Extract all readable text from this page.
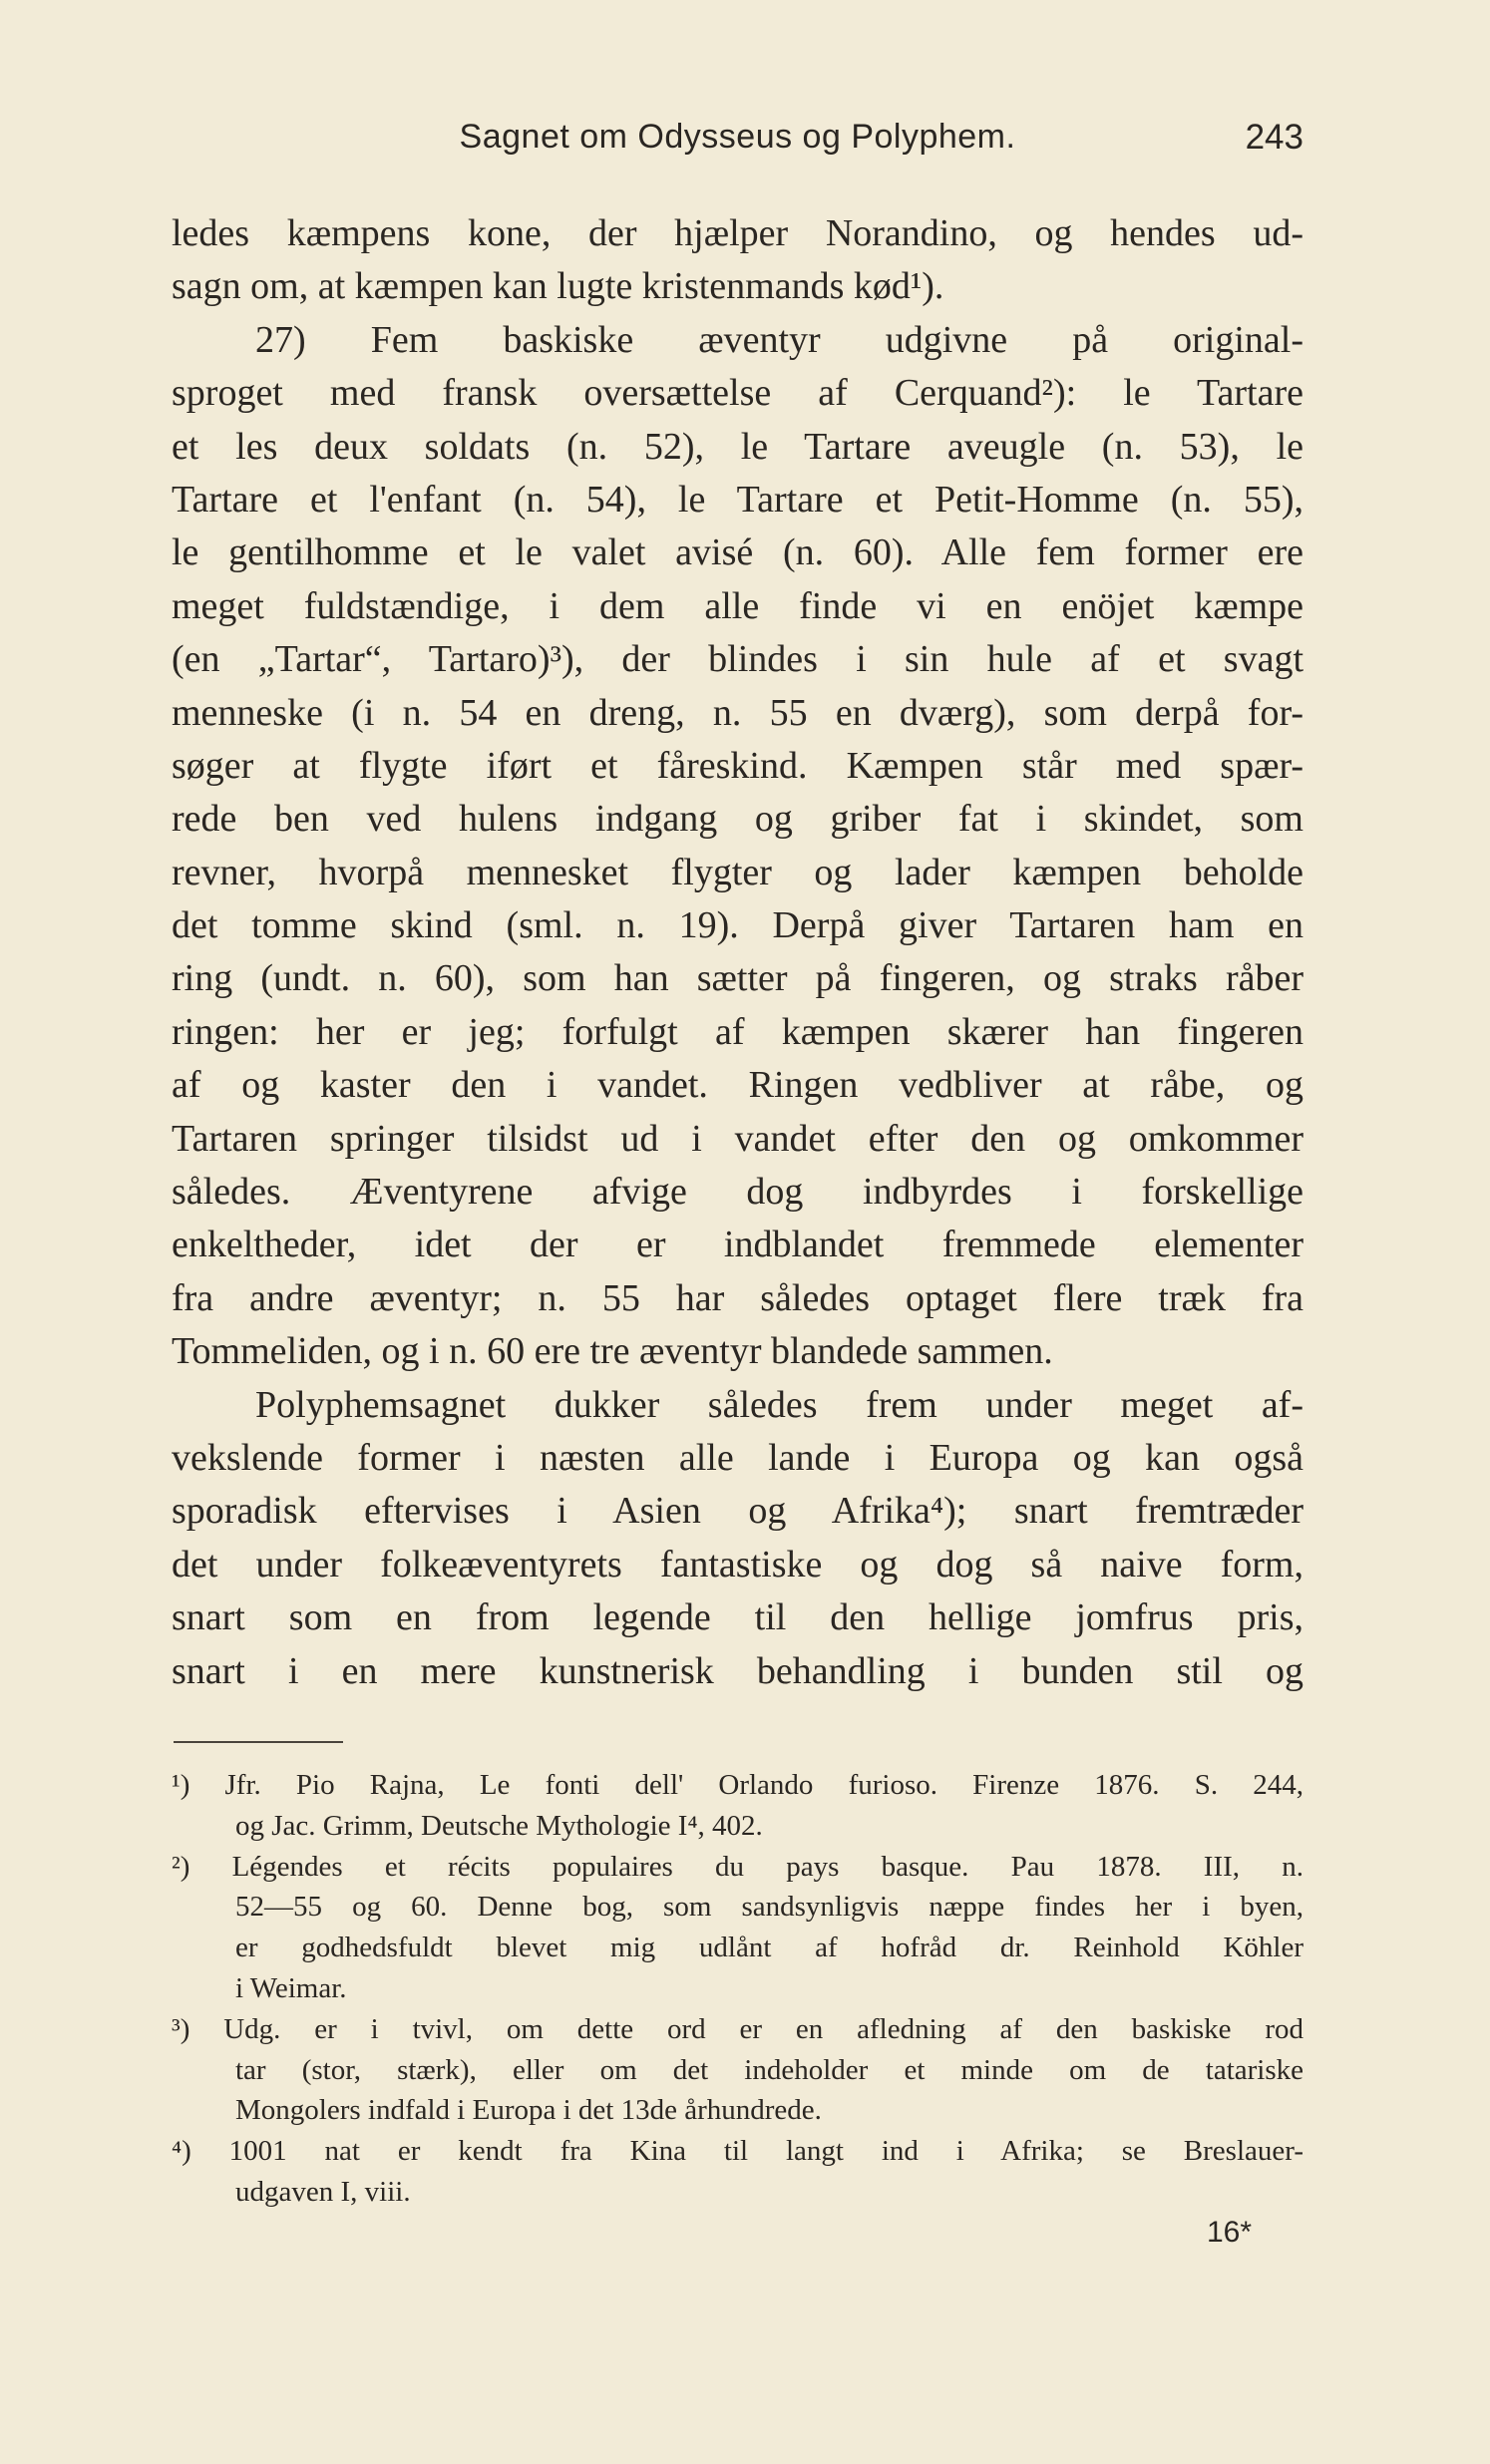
Sagnet om Odysseus og Polyphem.	243
ledes kæmpens kone, der hjælper Norandino, og hendes ud-
sagn om, at kæmpen kan lugte kristenmands kød¹).
27) Fem baskiske æventyr udgivne på original-
sproget med fransk oversættelse af Cerquand²): le Tartare
et les deux soldats (n. 52), le Tartare aveugle (n. 53), le
Tartare et l'enfant (n. 54), le Tartare et Petit-Homme (n. 55),
le gentilhomme et le valet avisé (n. 60). Alle fem former ere
meget fuldstændige, i dem alle finde vi en enöjet kæmpe
(en „Tartar“, Tartaro)³), der blindes i sin hule af et svagt
menneske (i n. 54 en dreng, n. 55 en dværg), som derpå for-
søger at flygte iført et fåreskind. Kæmpen står med spær-
rede ben ved hulens indgang og griber fat i skindet, som
revner, hvorpå mennesket flygter og lader kæmpen beholde
det tomme skind (sml. n. 19). Derpå giver Tartaren ham en
ring (undt. n. 60), som han sætter på fingeren, og straks råber
ringen: her er jeg; forfulgt af kæmpen skærer han fingeren
af og kaster den i vandet. Ringen vedbliver at råbe, og
Tartaren springer tilsidst ud i vandet efter den og omkommer
således. Æventyrene afvige dog indbyrdes i forskellige
enkeltheder, idet der er indblandet fremmede elementer
fra andre æventyr; n. 55 har således optaget flere træk fra
Tommeliden, og i n. 60 ere tre æventyr blandede sammen.
Polyphemsagnet dukker således frem under meget af-
vekslende former i næsten alle lande i Europa og kan også
sporadisk eftervises i Asien og Afrika⁴); snart fremtræder
det under folkeæventyrets fantastiske og dog så naive form,
snart som en from legende til den hellige jomfrus pris,
snart i en mere kunstnerisk behandling i bunden stil og
¹) Jfr. Pio Rajna, Le fonti dell' Orlando furioso. Firenze 1876. S. 244,
og Jac. Grimm, Deutsche Mythologie I⁴, 402.
²) Légendes et récits populaires du pays basque. Pau 1878. III, n.
52—55 og 60. Denne bog, som sandsynligvis næppe findes her i byen,
er godhedsfuldt blevet mig udlånt af hofråd dr. Reinhold Köhler
i Weimar.
³) Udg. er i tvivl, om dette ord er en afledning af den baskiske rod
tar (stor, stærk), eller om det indeholder et minde om de tatariske
Mongolers indfald i Europa i det 13de århundrede.
⁴) 1001 nat er kendt fra Kina til langt ind i Afrika; se Breslauer-
udgaven I, viii.
16*
